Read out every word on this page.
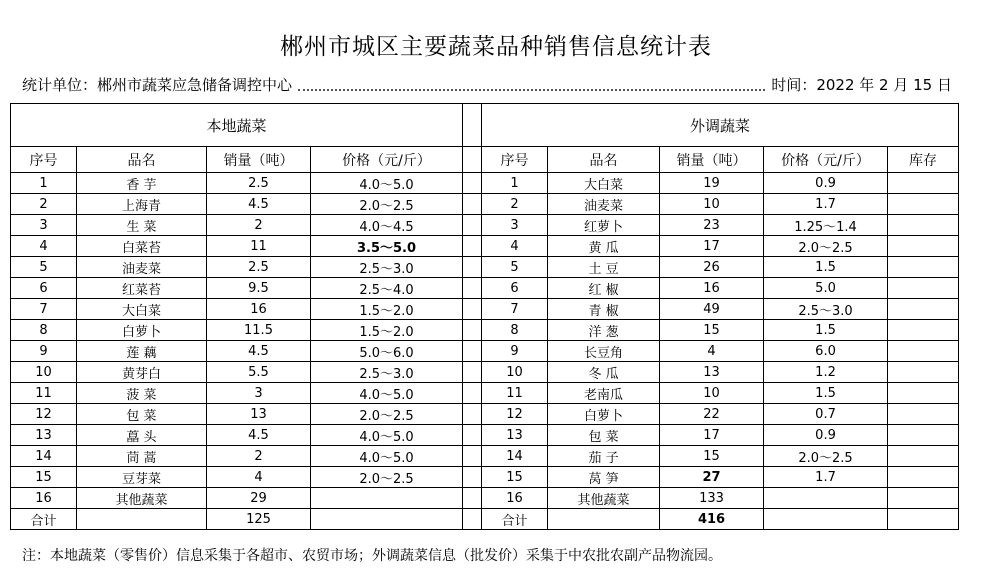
郴州市城区主要蔬菜品种销售信息统计表
统计单位：郴州市蔬菜应急储备调控中心	时间：2022 年 2 月 15 日
本地蔬菜					外调蔬菜				
序号	品名	销量（吨）	价格（元/斤）		序号	品名	销量（吨）	价格（元/斤）	库存
1	香 芋	2.5	4.0～5.0		1	大白菜	19	0.9	
2	上海青	4.5	2.0～2.5		2	油麦菜	10	1.7	
3	生 菜	2	4.0～4.5		3	红萝卜	23	1.25～1.4	
4	白菜苔	11	3.5～5.0		4	黄 瓜	17	2.0～2.5	
5	油麦菜	2.5	2.5～3.0		5	土 豆	26	1.5	
6	红菜苔	9.5	2.5～4.0		6	红 椒	16	5.0	
7	大白菜	16	1.5～2.0		7	青 椒	49	2.5～3.0	
8	白萝卜	11.5	1.5～2.0		8	洋 葱	15	1.5	
9	莲 藕	4.5	5.0～6.0		9	长豆角	4	6.0	
10	黄芽白	5.5	2.5～3.0		10	冬 瓜	13	1.2	
11	菠 菜	3	4.0～5.0		11	老南瓜	10	1.5	
12	包 菜	13	2.0～2.5		12	白萝卜	22	0.7	
13	藠 头	4.5	4.0～5.0		13	包 菜	17	0.9	
14	茼 蒿	2	4.0～5.0		14	茄 子	15	2.0～2.5	
15	豆芽菜	4	2.0～2.5		15	莴 笋	27	1.7	
16	其他蔬菜	29			16	其他蔬菜	133		
合计		125			合计		416		
注：本地蔬菜（零售价）信息采集于各超市、农贸市场；外调蔬菜信息（批发价）采集于中农批农副产品物流园。
